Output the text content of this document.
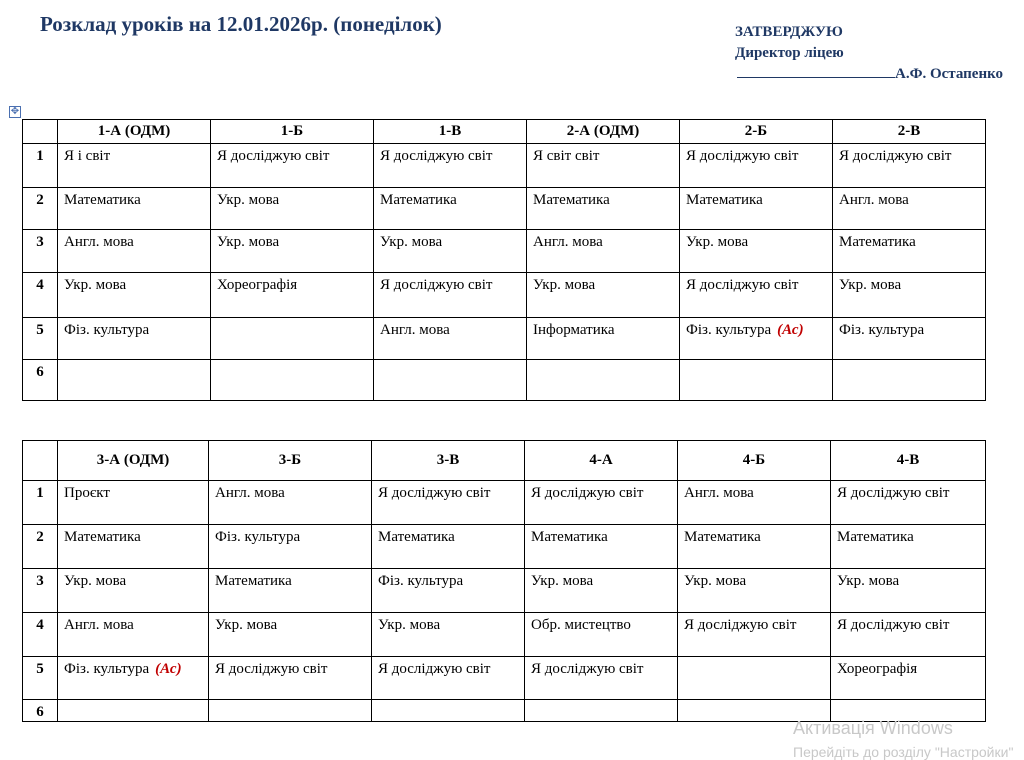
Розклад уроків на 12.01.2026р. (понеділок)	ЗАТВЕРДЖУЮ
Директор ліцею
А.Ф. Остапенко
✥
	1-А (ОДМ)	1-Б	1-В	2-А (ОДМ)	2-Б	2-В
1	Я і світ	Я досліджую світ	Я досліджую світ	Я світ світ	Я досліджую світ	Я досліджую світ
2	Математика	Укр. мова	Математика	Математика	Математика	Англ. мова
3	Англ. мова	Укр. мова	Укр. мова	Англ. мова	Укр. мова	Математика
4	Укр. мова	Хореографія	Я досліджую світ	Укр. мова	Я досліджую світ	Укр. мова
5	Фіз. культура		Англ. мова	Інформатика	Фіз. культура (Ас)	Фіз. культура
6						
	3-А (ОДМ)	3-Б	3-В	4-А	4-Б	4-В
1	Проєкт	Англ. мова	Я досліджую світ	Я досліджую світ	Англ. мова	Я досліджую світ
2	Математика	Фіз. культура	Математика	Математика	Математика	Математика
3	Укр. мова	Математика	Фіз. культура	Укр. мова	Укр. мова	Укр. мова
4	Англ. мова	Укр. мова	Укр. мова	Обр. мистецтво	Я досліджую світ	Я досліджую світ
5	Фіз. культура (Ас)	Я досліджую світ	Я досліджую світ	Я досліджую світ		Хореографія
6						
Активація Windows
Перейдіть до розділу "Настройки"
